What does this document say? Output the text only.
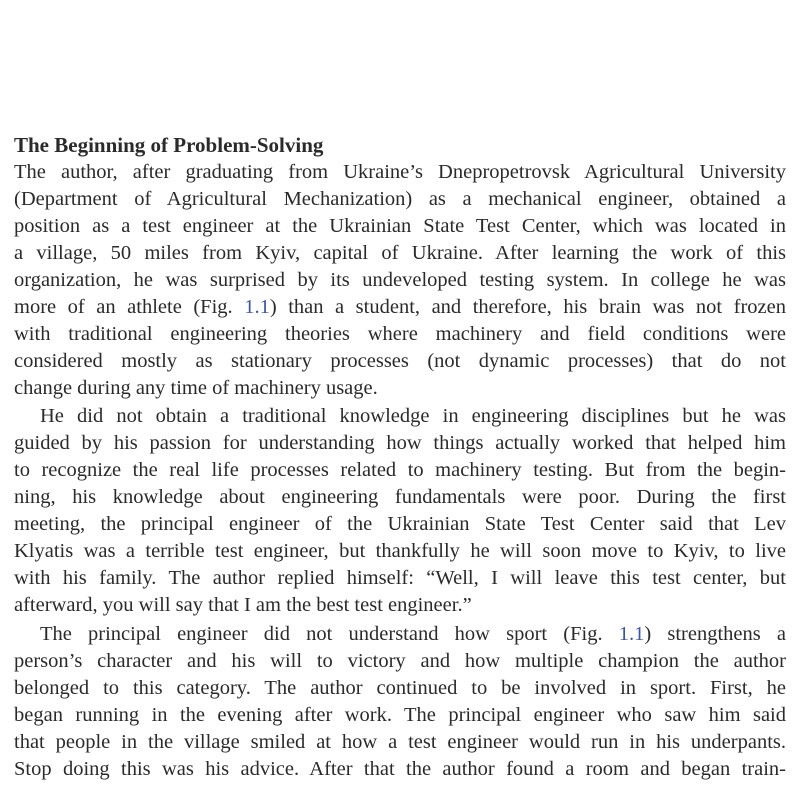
The Beginning of Problem-Solving
The author, after graduating from Ukraine’s Dnepropetrovsk Agricultural University
(Department of Agricultural Mechanization) as a mechanical engineer, obtained a
position as a test engineer at the Ukrainian State Test Center, which was located in
a village, 50 miles from Kyiv, capital of Ukraine. After learning the work of this
organization, he was surprised by its undeveloped testing system. In college he was
more of an athlete (Fig. 1.1) than a student, and therefore, his brain was not frozen
with traditional engineering theories where machinery and field conditions were
considered mostly as stationary processes (not dynamic processes) that do not
change during any time of machinery usage.
He did not obtain a traditional knowledge in engineering disciplines but he was
guided by his passion for understanding how things actually worked that helped him
to recognize the real life processes related to machinery testing. But from the begin-
ning, his knowledge about engineering fundamentals were poor. During the first
meeting, the principal engineer of the Ukrainian State Test Center said that Lev
Klyatis was a terrible test engineer, but thankfully he will soon move to Kyiv, to live
with his family. The author replied himself: “Well, I will leave this test center, but
afterward, you will say that I am the best test engineer.”
The principal engineer did not understand how sport (Fig. 1.1) strengthens a
person’s character and his will to victory and how multiple champion the author
belonged to this category. The author continued to be involved in sport. First, he
began running in the evening after work. The principal engineer who saw him said
that people in the village smiled at how a test engineer would run in his underpants.
Stop doing this was his advice. After that the author found a room and began train-
